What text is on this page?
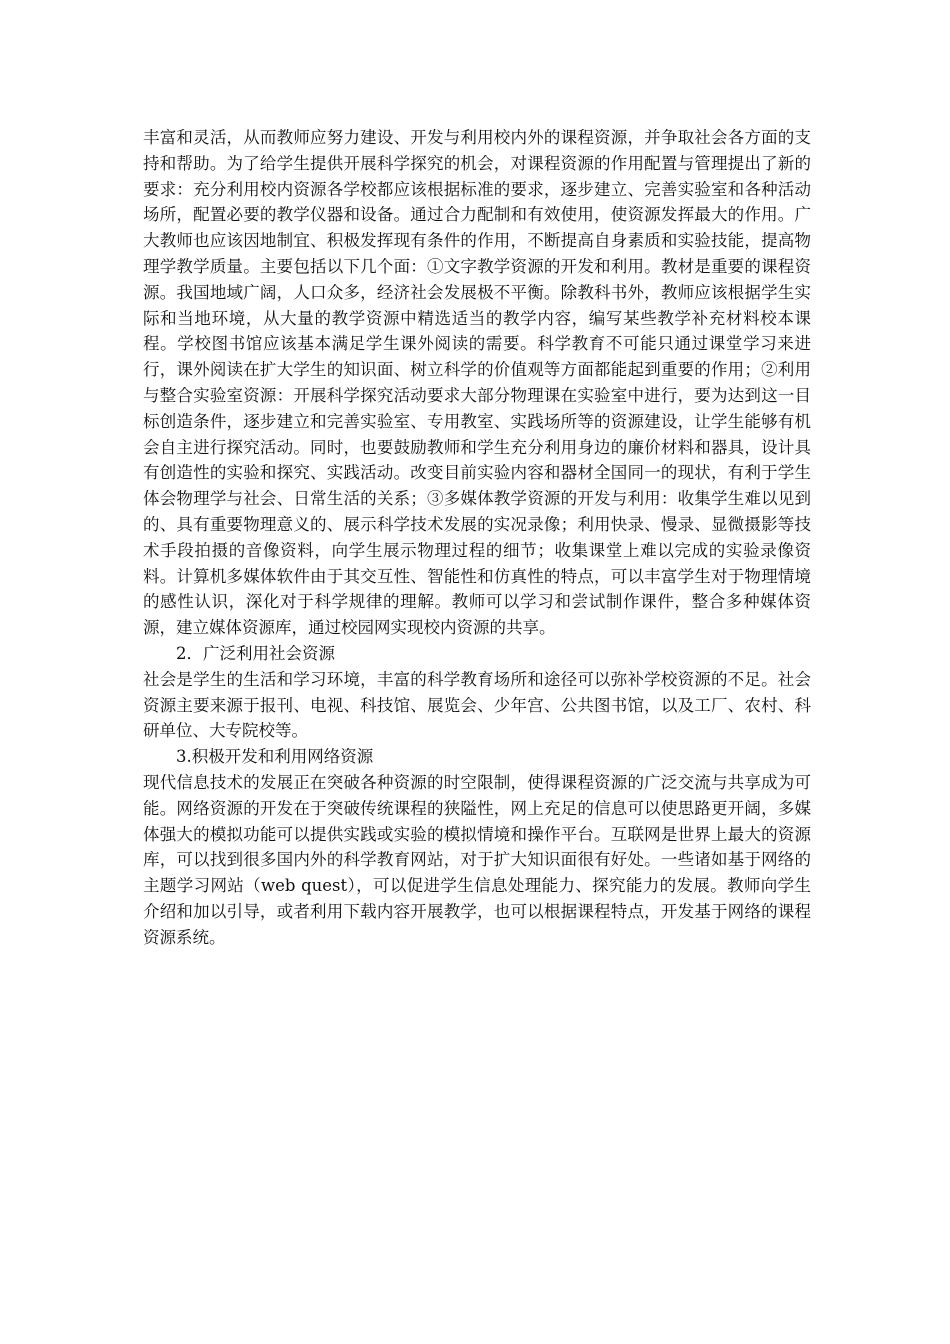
丰富和灵活，从而教师应努力建设、开发与利用校内外的课程资源，并争取社会各方面的支持和帮助。为了给学生提供开展科学探究的机会，对课程资源的作用配置与管理提出了新的要求：充分利用校内资源各学校都应该根据标准的要求，逐步建立、完善实验室和各种活动场所，配置必要的教学仪器和设备。通过合力配制和有效使用，使资源发挥最大的作用。广大教师也应该因地制宜、积极发挥现有条件的作用，不断提高自身素质和实验技能，提高物理学教学质量。主要包括以下几个面：①文字教学资源的开发和利用。教材是重要的课程资源。我国地域广阔，人口众多，经济社会发展极不平衡。除教科书外，教师应该根据学生实际和当地环境，从大量的教学资源中精选适当的教学内容，编写某些教学补充材料校本课程。学校图书馆应该基本满足学生课外阅读的需要。科学教育不可能只通过课堂学习来进行，课外阅读在扩大学生的知识面、树立科学的价值观等方面都能起到重要的作用；②利用与整合实验室资源：开展科学探究活动要求大部分物理课在实验室中进行，要为达到这一目标创造条件，逐步建立和完善实验室、专用教室、实践场所等的资源建设，让学生能够有机会自主进行探究活动。同时，也要鼓励教师和学生充分利用身边的廉价材料和器具，设计具有创造性的实验和探究、实践活动。改变目前实验内容和器材全国同一的现状，有利于学生体会物理学与社会、日常生活的关系；③多媒体教学资源的开发与利用：收集学生难以见到的、具有重要物理意义的、展示科学技术发展的实况录像；利用快录、慢录、显微摄影等技术手段拍摄的音像资料，向学生展示物理过程的细节；收集课堂上难以完成的实验录像资料。计算机多媒体软件由于其交互性、智能性和仿真性的特点，可以丰富学生对于物理情境的感性认识，深化对于科学规律的理解。教师可以学习和尝试制作课件，整合多种媒体资源，建立媒体资源库，通过校园网实现校内资源的共享。

2．广泛利用社会资源

社会是学生的生活和学习环境，丰富的科学教育场所和途径可以弥补学校资源的不足。社会资源主要来源于报刊、电视、科技馆、展览会、少年宫、公共图书馆，以及工厂、农村、科研单位、大专院校等。

3.积极开发和利用网络资源

现代信息技术的发展正在突破各种资源的时空限制，使得课程资源的广泛交流与共享成为可能。网络资源的开发在于突破传统课程的狭隘性，网上充足的信息可以使思路更开阔，多媒体强大的模拟功能可以提供实践或实验的模拟情境和操作平台。互联网是世界上最大的资源库，可以找到很多国内外的科学教育网站，对于扩大知识面很有好处。一些诸如基于网络的主题学习网站（web quest），可以促进学生信息处理能力、探究能力的发展。教师向学生介绍和加以引导，或者利用下载内容开展教学，也可以根据课程特点，开发基于网络的课程资源系统。
